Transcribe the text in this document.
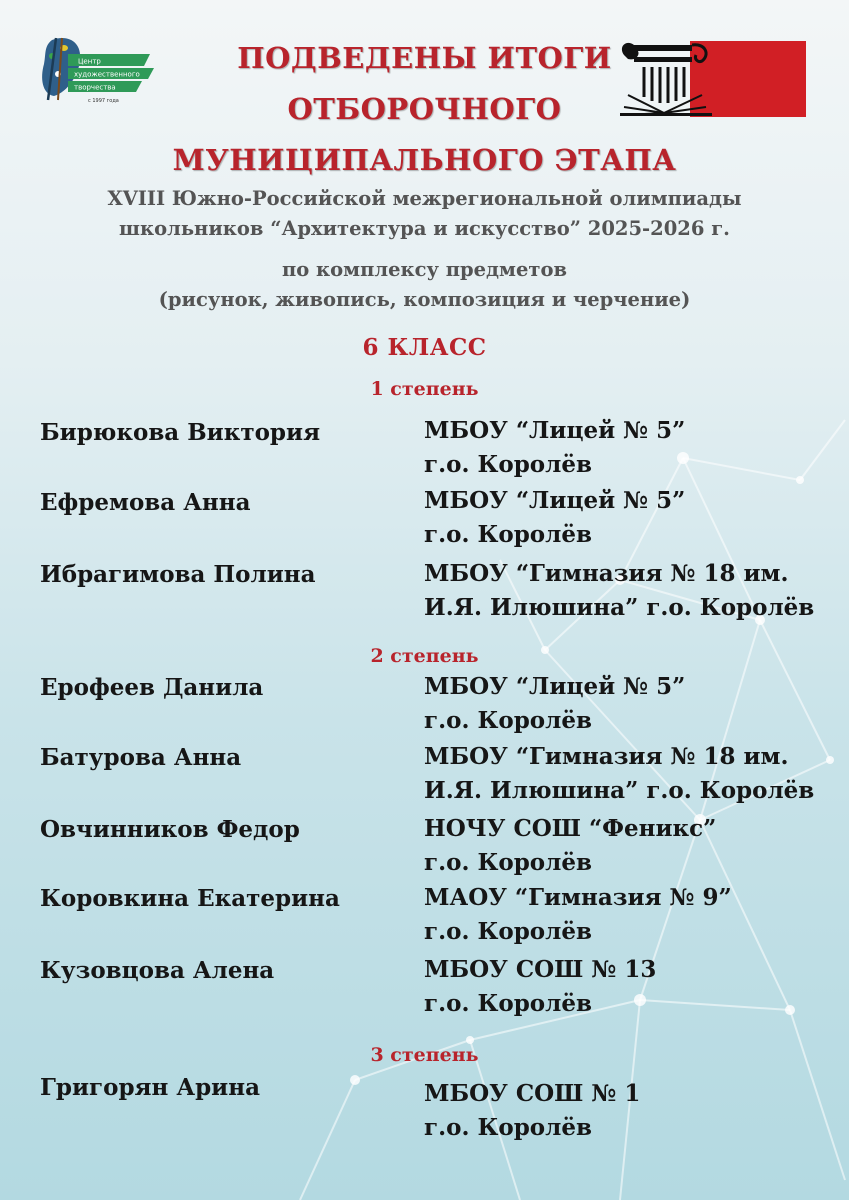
Центр
художественного
творчества
с 1997 года
ПОДВЕДЕНЫ ИТОГИ
ОТБОРОЧНОГО
МУНИЦИПАЛЬНОГО ЭТАПА
XVIII Южно-Российской межрегиональной олимпиады
школьников “Архитектура и искусство” 2025-2026 г.
по комплексу предметов
(рисунок, живопись, композиция и черчение)
6 КЛАСС
1 степень
Бирюкова Виктория	МБОУ “Лицей № 5”
г.о. Королёв
Ефремова Анна	МБОУ “Лицей № 5”
г.о. Королёв
Ибрагимова Полина	МБОУ “Гимназия № 18 им.
И.Я. Илюшина” г.о. Королёв
2 степень
Ерофеев Данила	МБОУ “Лицей № 5”
г.о. Королёв
Батурова Анна	МБОУ “Гимназия № 18 им.
И.Я. Илюшина” г.о. Королёв
Овчинников Федор	НОЧУ СОШ “Феникс”
г.о. Королёв
Коровкина Екатерина	МАОУ “Гимназия № 9”
г.о. Королёв
Кузовцова Алена	МБОУ СОШ № 13
г.о. Королёв
3 степень
Григорян Арина	МБОУ СОШ № 1
г.о. Королёв
